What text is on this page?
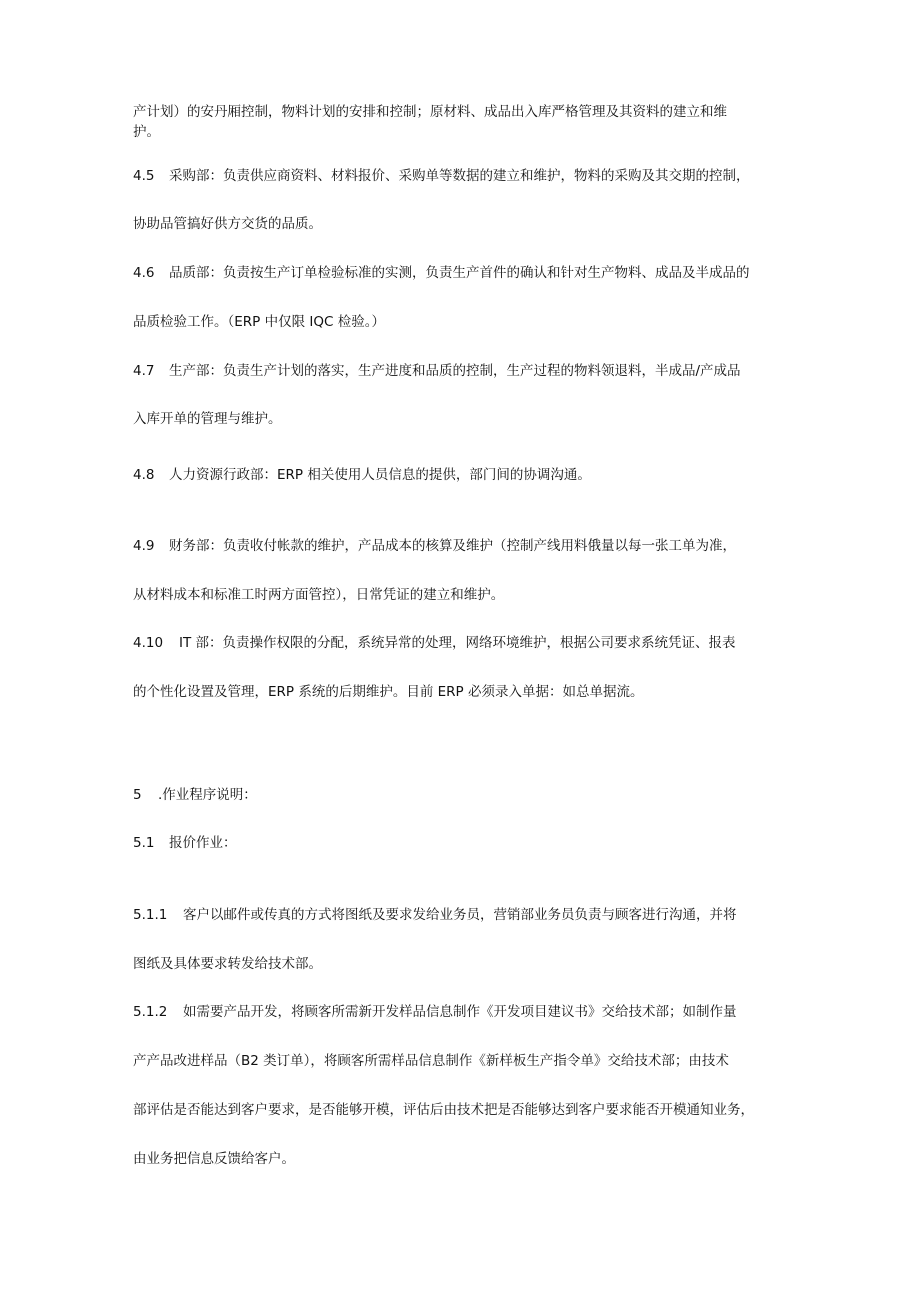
产计划）的安丹厢控制，物料计划的安排和控制；原材料、成品出入库严格管理及其资料的建立和维
护。
4.5 采购部：负责供应商资料、材料报价、采购单等数据的建立和维护，物料的采购及其交期的控制，
协助品管搞好供方交货的品质。
4.6 品质部：负责按生产订单检验标准的实测，负责生产首件的确认和针对生产物料、成品及半成品的
品质检验工作。（ERP 中仅限 IQC 检验。）
4.7 生产部：负责生产计划的落实，生产进度和品质的控制，生产过程的物料领退料，半成品/产成品
入库开单的管理与维护。
4.8 人力资源行政部：ERP 相关使用人员信息的提供，部门间的协调沟通。
4.9 财务部：负责收付帐款的维护，产品成本的核算及维护（控制产线用料俄量以每一张工单为准，
从材料成本和标准工时两方面管控），日常凭证的建立和维护。
4.10 IT 部：负责操作权限的分配，系统异常的处理，网络环境维护，根据公司要求系统凭证、报表
的个性化设置及管理，ERP 系统的后期维护。目前 ERP 必须录入单据：如总单据流。
5 .作业程序说明：
5.1 报价作业：
5.1.1 客户以邮件或传真的方式将图纸及要求发给业务员，营销部业务员负责与顾客进行沟通，并将
图纸及具体要求转发给技术部。
5.1.2 如需要产品开发，将顾客所需新开发样品信息制作《开发项目建议书》交给技术部；如制作量
产产品改进样品（B2 类订单），将顾客所需样品信息制作《新样板生产指令单》交给技术部；由技术
部评估是否能达到客户要求，是否能够开模，评估后由技术把是否能够达到客户要求能否开模通知业务，
由业务把信息反馈给客户。
